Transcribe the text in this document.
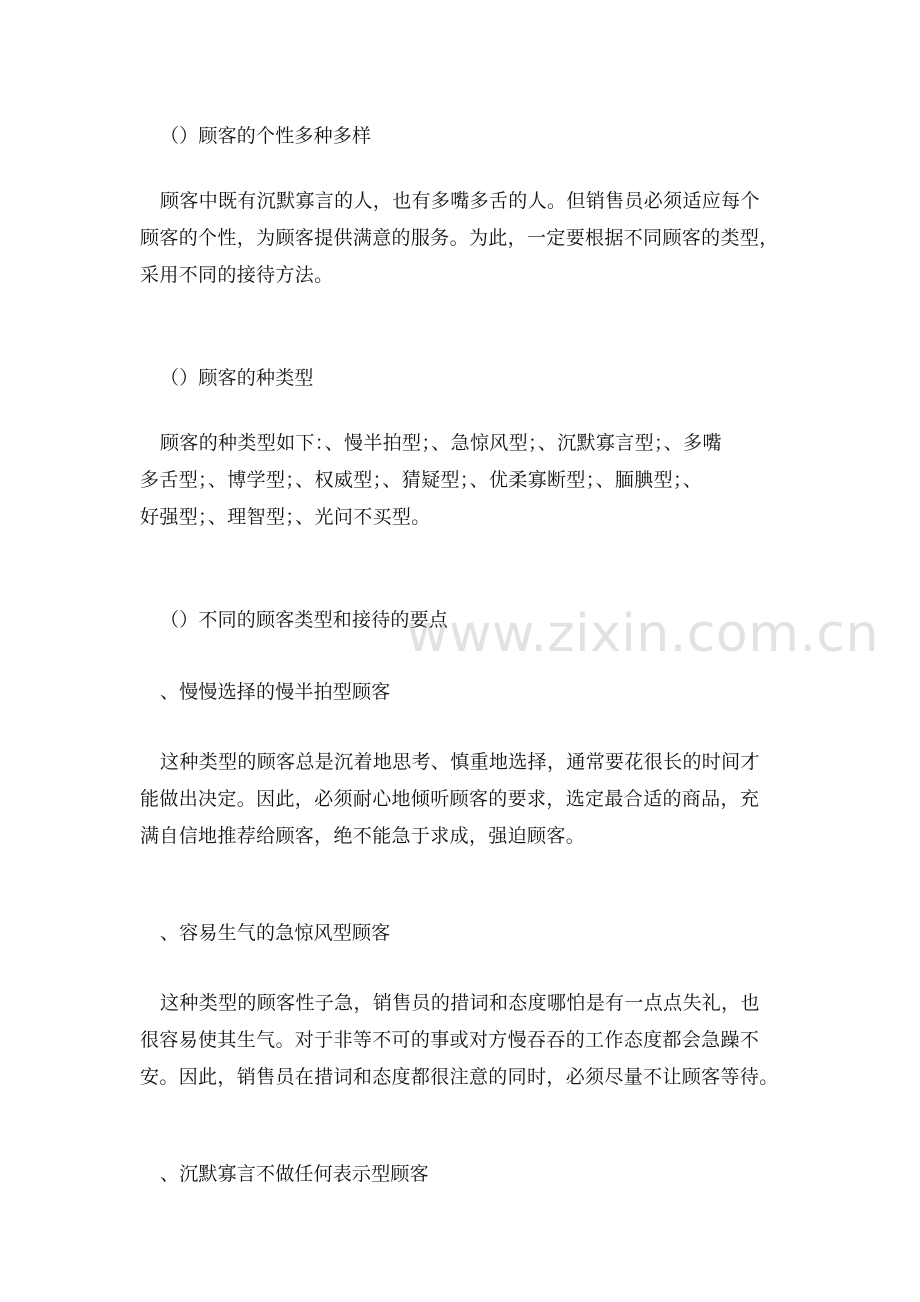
（）顾客的个性多种多样
顾客中既有沉默寡言的人，也有多嘴多舌的人。但销售员必须适应每个
顾客的个性，为顾客提供满意的服务。为此，一定要根据不同顾客的类型，
采用不同的接待方法。
（）顾客的种类型
顾客的种类型如下：、慢半拍型；、急惊风型；、沉默寡言型；、多嘴
多舌型；、博学型；、权威型；、猜疑型；、优柔寡断型；、腼腆型；、
好强型；、理智型；、光问不买型。
（）不同的顾客类型和接待的要点
、慢慢选择的慢半拍型顾客
这种类型的顾客总是沉着地思考、慎重地选择，通常要花很长的时间才
能做出决定。因此，必须耐心地倾听顾客的要求，选定最合适的商品，充
满自信地推荐给顾客，绝不能急于求成，强迫顾客。
、容易生气的急惊风型顾客
这种类型的顾客性子急，销售员的措词和态度哪怕是有一点点失礼，也
很容易使其生气。对于非等不可的事或对方慢吞吞的工作态度都会急躁不
安。因此，销售员在措词和态度都很注意的同时，必须尽量不让顾客等待。
、沉默寡言不做任何表示型顾客
www.zixin.com.cn
